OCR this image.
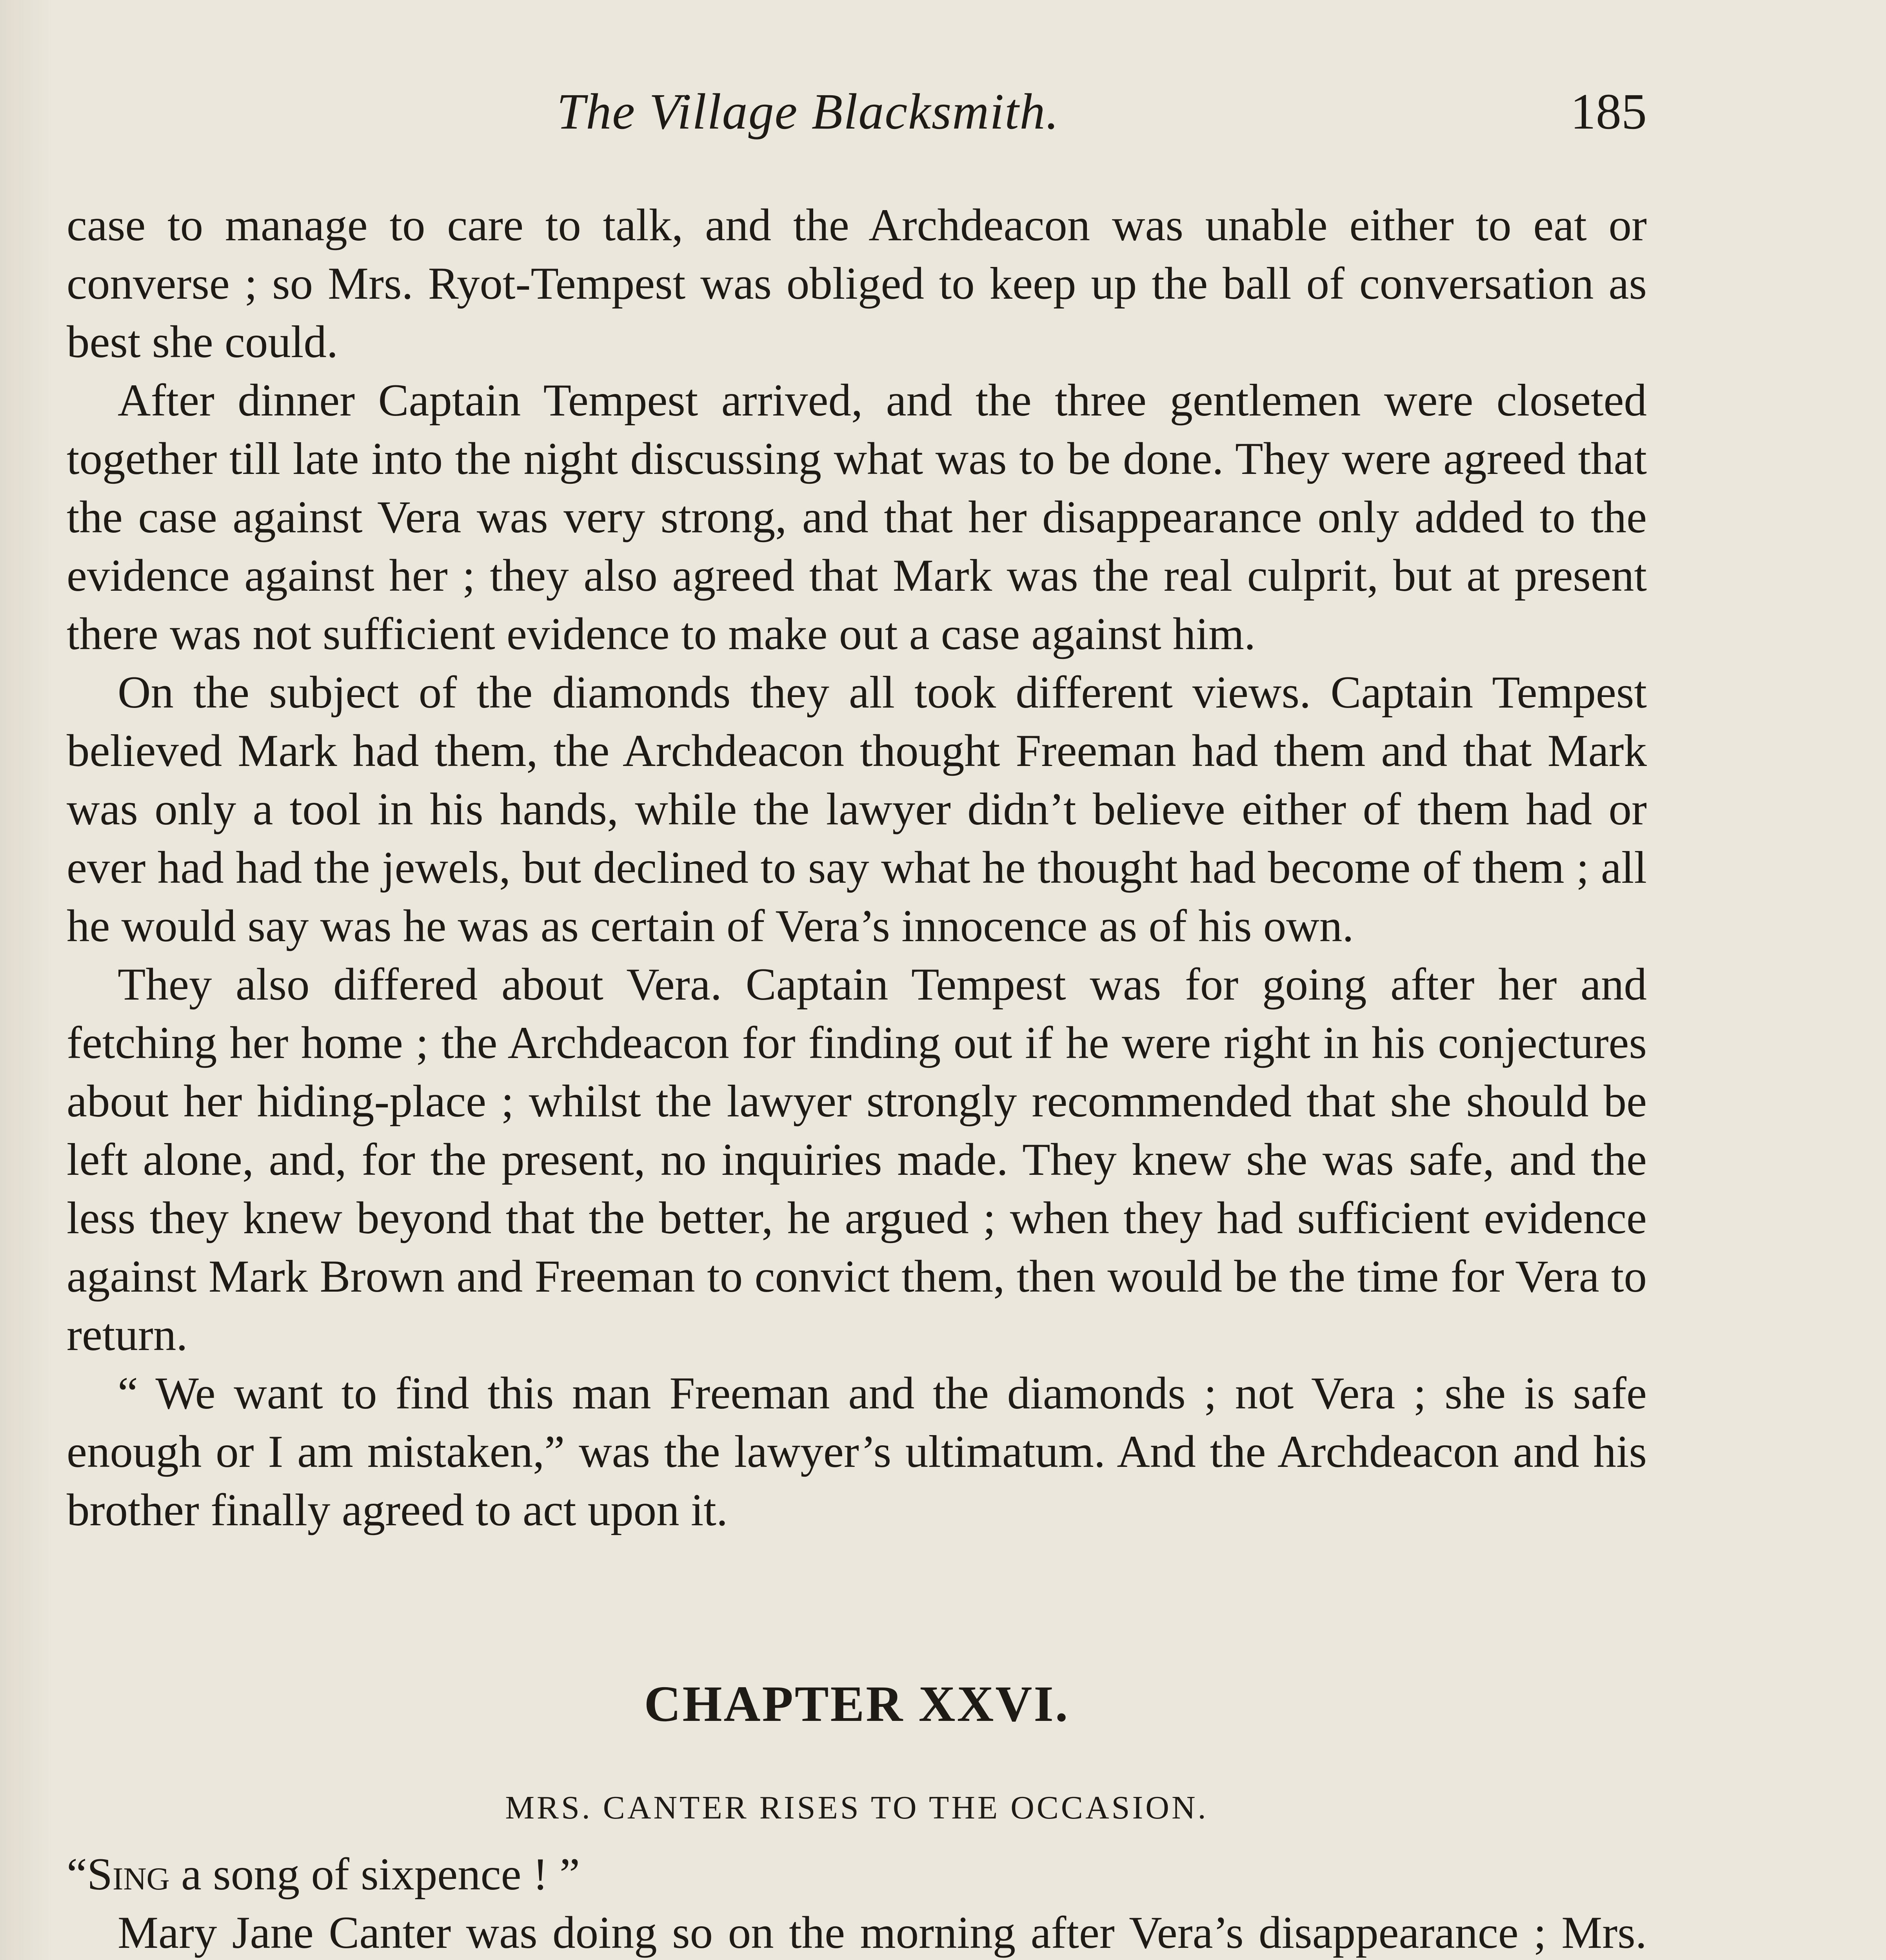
The Village Blacksmith.	185

case to manage to care to talk, and the Archdeacon was unable either to eat or converse ; so Mrs. Ryot-Tempest was obliged to keep up the ball of conversation as best she could.

After dinner Captain Tempest arrived, and the three gentlemen were closeted together till late into the night discussing what was to be done. They were agreed that the case against Vera was very strong, and that her disappearance only added to the evidence against her ; they also agreed that Mark was the real culprit, but at present there was not sufficient evidence to make out a case against him.

On the subject of the diamonds they all took different views. Captain Tempest believed Mark had them, the Archdeacon thought Freeman had them and that Mark was only a tool in his hands, while the lawyer didn’t believe either of them had or ever had had the jewels, but declined to say what he thought had become of them ; all he would say was he was as certain of Vera’s innocence as of his own.

They also differed about Vera. Captain Tempest was for going after her and fetching her home ; the Archdeacon for finding out if he were right in his conjectures about her hiding-place ; whilst the lawyer strongly recommended that she should be left alone, and, for the present, no inquiries made. They knew she was safe, and the less they knew beyond that the better, he argued ; when they had sufficient evidence against Mark Brown and Freeman to convict them, then would be the time for Vera to return.

“ We want to find this man Freeman and the diamonds ; not Vera ; she is safe enough or I am mistaken,” was the lawyer’s ultimatum. And the Archdeacon and his brother finally agreed to act upon it.

CHAPTER XXVI.
MRS. CANTER RISES TO THE OCCASION.

“Sing a song of sixpence ! ”

Mary Jane Canter was doing so on the morning after Vera’s disappearance ; Mrs.
